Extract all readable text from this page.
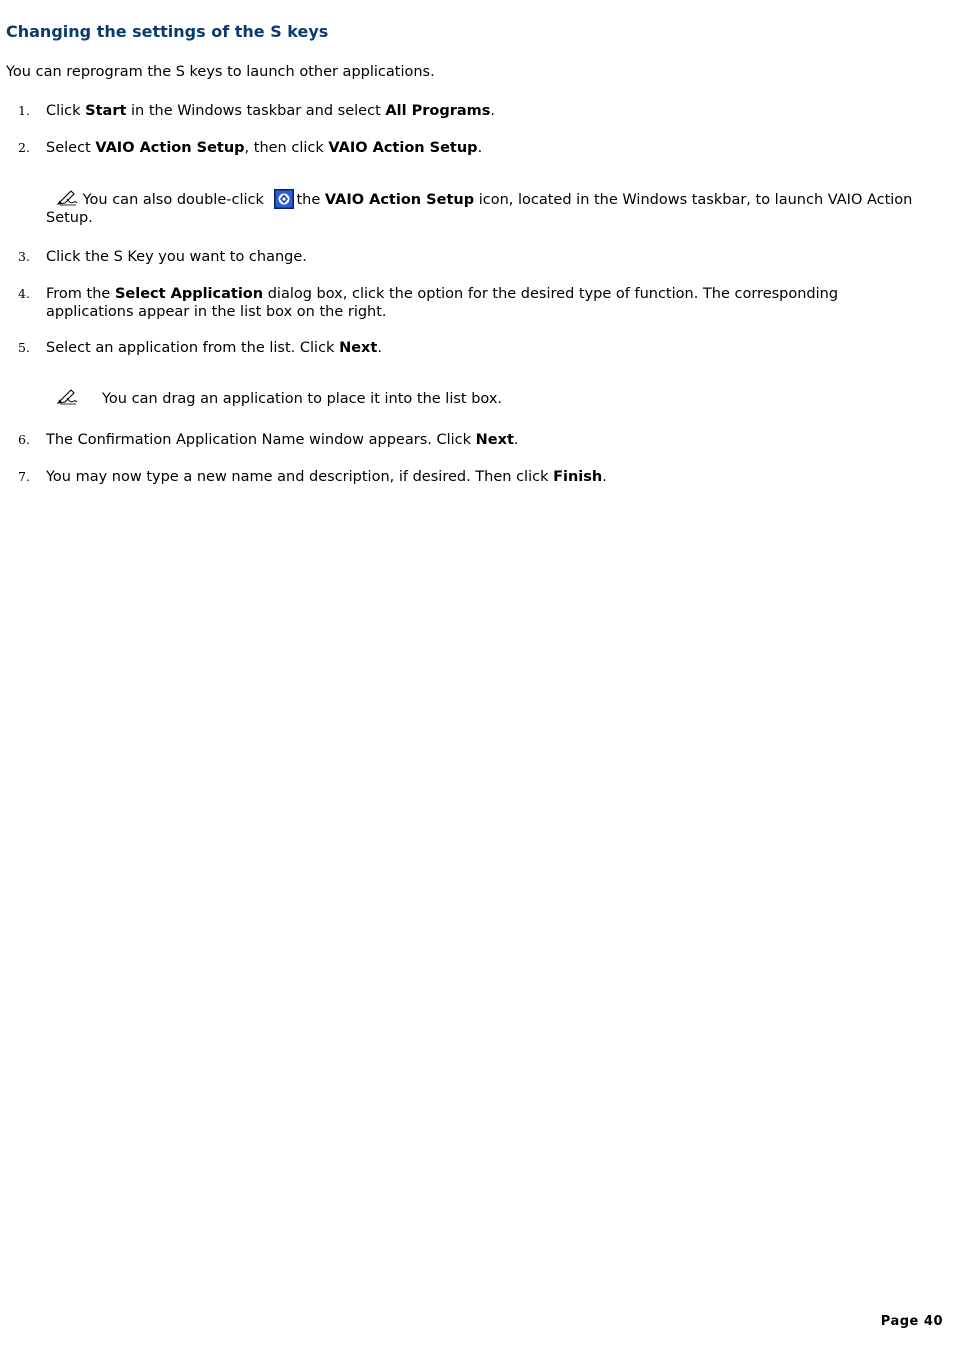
Changing the settings of the S keys

You can reprogram the S keys to launch other applications.

1. Click Start in the Windows taskbar and select All Programs.
2. Select VAIO Action Setup, then click VAIO Action Setup.
You can also double-click the VAIO Action Setup icon, located in the Windows taskbar, to launch VAIO Action Setup.
3. Click the S Key you want to change.
4. From the Select Application dialog box, click the option for the desired type of function. The corresponding applications appear in the list box on the right.
5. Select an application from the list. Click Next.
You can drag an application to place it into the list box.
6. The Confirmation Application Name window appears. Click Next.
7. You may now type a new name and description, if desired. Then click Finish.
Page 40
